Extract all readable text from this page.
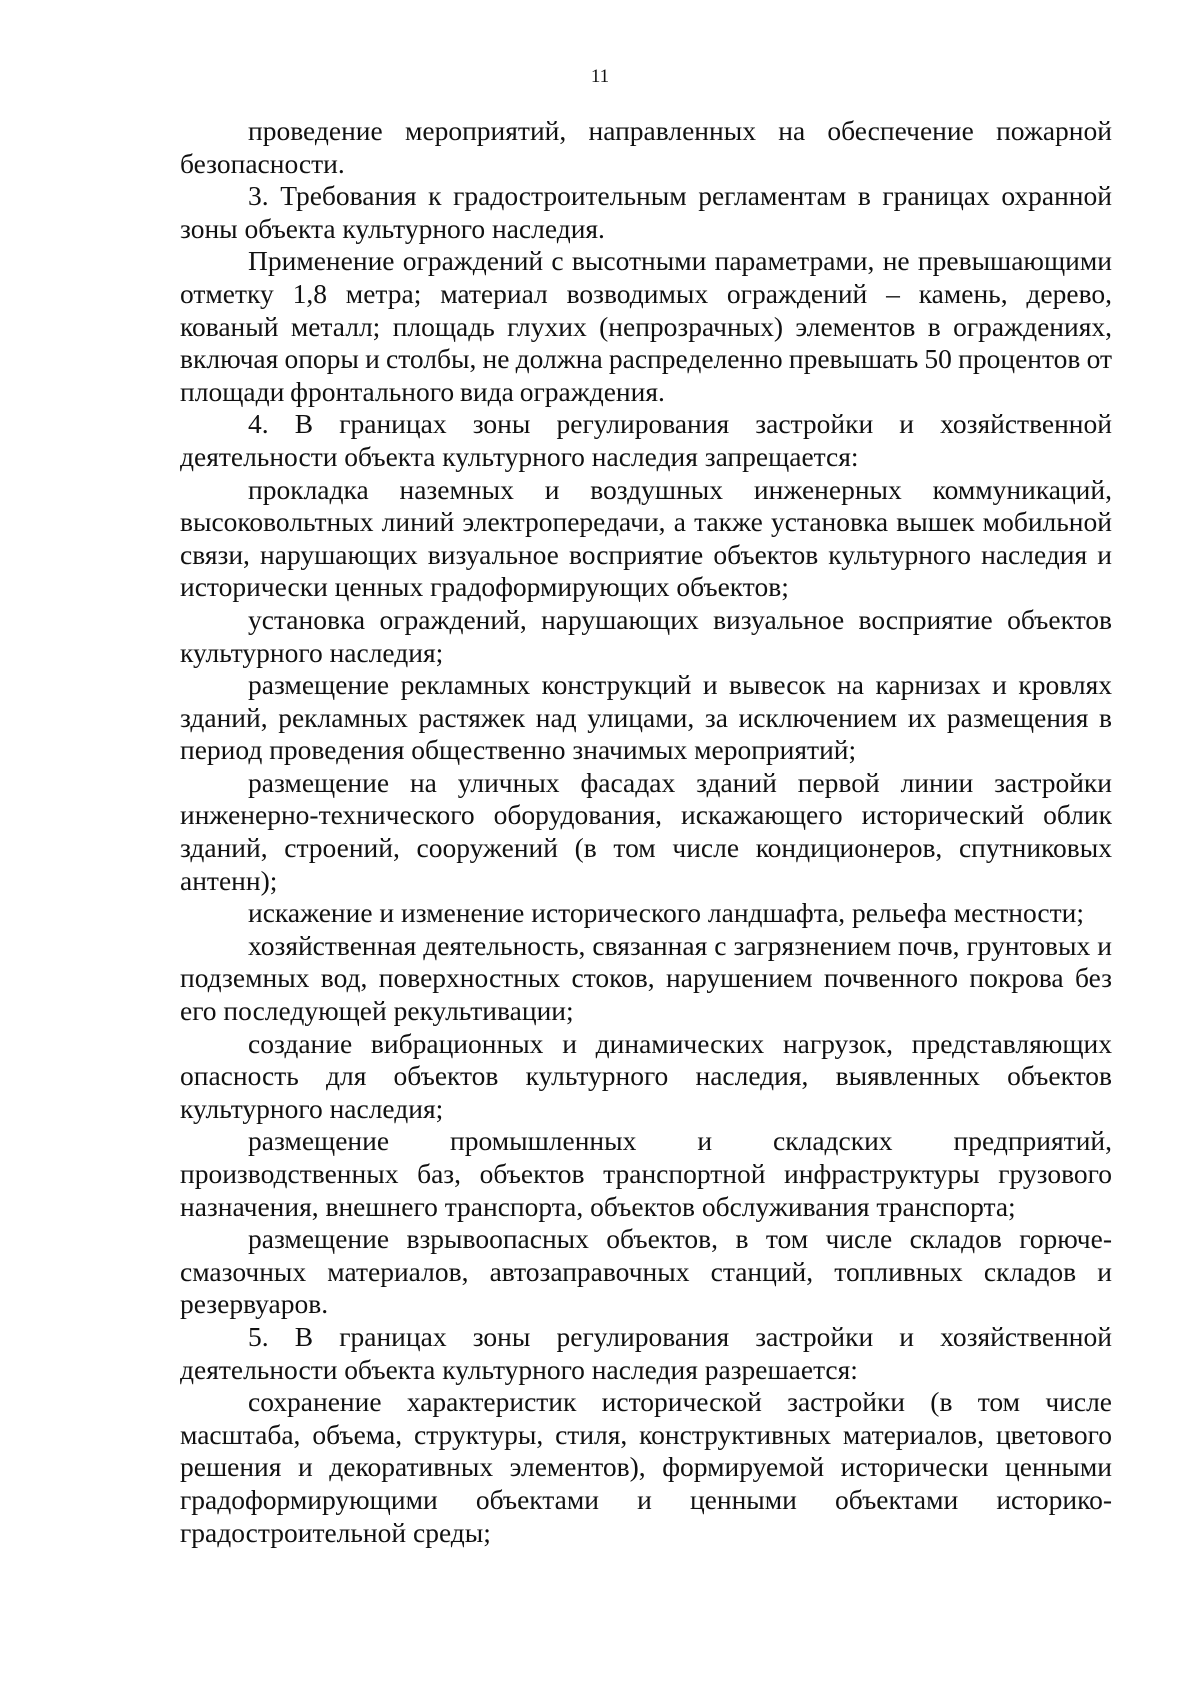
11

проведение мероприятий, направленных на обеспечение пожарной безопасности.

3. Требования к градостроительным регламентам в границах охранной зоны объекта культурного наследия.

Применение ограждений с высотными параметрами, не превышающими отметку 1,8 метра; материал возводимых ограждений – камень, дерево, кованый металл; площадь глухих (непрозрачных) элементов в ограждениях, включая опоры и столбы, не должна распределенно превышать 50 процентов от площади фронтального вида ограждения.

4. В границах зоны регулирования застройки и хозяйственной деятельности объекта культурного наследия запрещается:

прокладка наземных и воздушных инженерных коммуникаций, высоковольтных линий электропередачи, а также установка вышек мобильной связи, нарушающих визуальное восприятие объектов культурного наследия и исторически ценных градоформирующих объектов;

установка ограждений, нарушающих визуальное восприятие объектов культурного наследия;

размещение рекламных конструкций и вывесок на карнизах и кровлях зданий, рекламных растяжек над улицами, за исключением их размещения в период проведения общественно значимых мероприятий;

размещение на уличных фасадах зданий первой линии застройки инженерно-технического оборудования, искажающего исторический облик зданий, строений, сооружений (в том числе кондиционеров, спутниковых антенн);

искажение и изменение исторического ландшафта, рельефа местности;

хозяйственная деятельность, связанная с загрязнением почв, грунтовых и подземных вод, поверхностных стоков, нарушением почвенного покрова без его последующей рекультивации;

создание вибрационных и динамических нагрузок, представляющих опасность для объектов культурного наследия, выявленных объектов культурного наследия;

размещение промышленных и складских предприятий, производственных баз, объектов транспортной инфраструктуры грузового назначения, внешнего транспорта, объектов обслуживания транспорта;

размещение взрывоопасных объектов, в том числе складов горюче-смазочных материалов, автозаправочных станций, топливных складов и резервуаров.

5. В границах зоны регулирования застройки и хозяйственной деятельности объекта культурного наследия разрешается:

сохранение характеристик исторической застройки (в том числе масштаба, объема, структуры, стиля, конструктивных материалов, цветового решения и декоративных элементов), формируемой исторически ценными градоформирующими объектами и ценными объектами историко-градостроительной среды;
